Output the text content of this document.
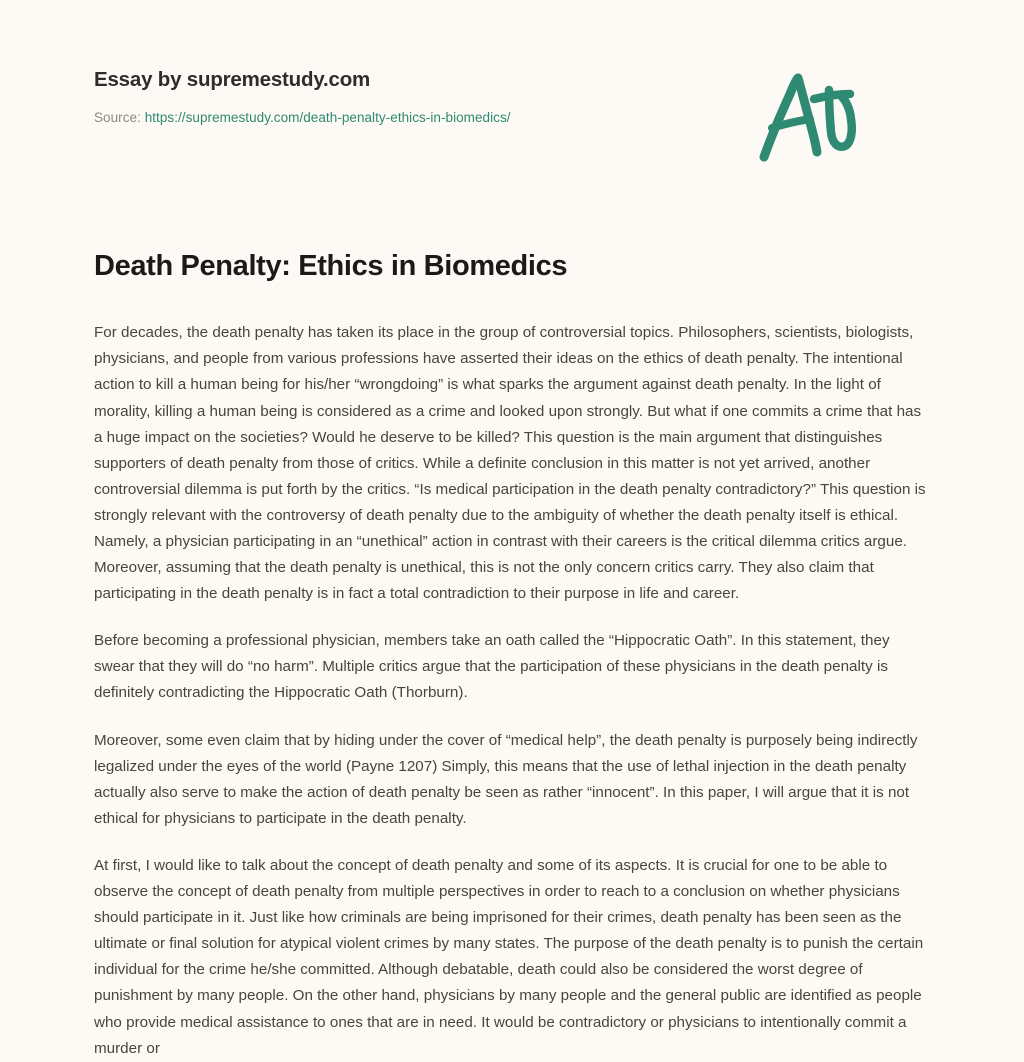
Essay by supremestudy.com

Source: https://supremestudy.com/death-penalty-ethics-in-biomedics/

Death Penalty: Ethics in Biomedics

For decades, the death penalty has taken its place in the group of controversial topics. Philosophers, scientists, biologists, physicians, and people from various professions have asserted their ideas on the ethics of death penalty. The intentional action to kill a human being for his/her “wrongdoing” is what sparks the argument against death penalty. In the light of morality, killing a human being is considered as a crime and looked upon strongly. But what if one commits a crime that has a huge impact on the societies? Would he deserve to be killed? This question is the main argument that distinguishes supporters of death penalty from those of critics. While a definite conclusion in this matter is not yet arrived, another controversial dilemma is put forth by the critics. “Is medical participation in the death penalty contradictory?” This question is strongly relevant with the controversy of death penalty due to the ambiguity of whether the death penalty itself is ethical. Namely, a physician participating in an “unethical” action in contrast with their careers is the critical dilemma critics argue. Moreover, assuming that the death penalty is unethical, this is not the only concern critics carry. They also claim that participating in the death penalty is in fact a total contradiction to their purpose in life and career.

Before becoming a professional physician, members take an oath called the “Hippocratic Oath”. In this statement, they swear that they will do “no harm”. Multiple critics argue that the participation of these physicians in the death penalty is definitely contradicting the Hippocratic Oath (Thorburn).

Moreover, some even claim that by hiding under the cover of “medical help”, the death penalty is purposely being indirectly legalized under the eyes of the world (Payne 1207) Simply, this means that the use of lethal injection in the death penalty actually also serve to make the action of death penalty be seen as rather “innocent”. In this paper, I will argue that it is not ethical for physicians to participate in the death penalty.

At first, I would like to talk about the concept of death penalty and some of its aspects. It is crucial for one to be able to observe the concept of death penalty from multiple perspectives in order to reach to a conclusion on whether physicians should participate in it. Just like how criminals are being imprisoned for their crimes, death penalty has been seen as the ultimate or final solution for atypical violent crimes by many states. The purpose of the death penalty is to punish the certain individual for the crime he/she committed. Although debatable, death could also be considered the worst degree of punishment by many people. On the other hand, physicians by many people and the general public are identified as people who provide medical assistance to ones that are in need. It would be contradictory or physicians to intentionally commit a murder or
